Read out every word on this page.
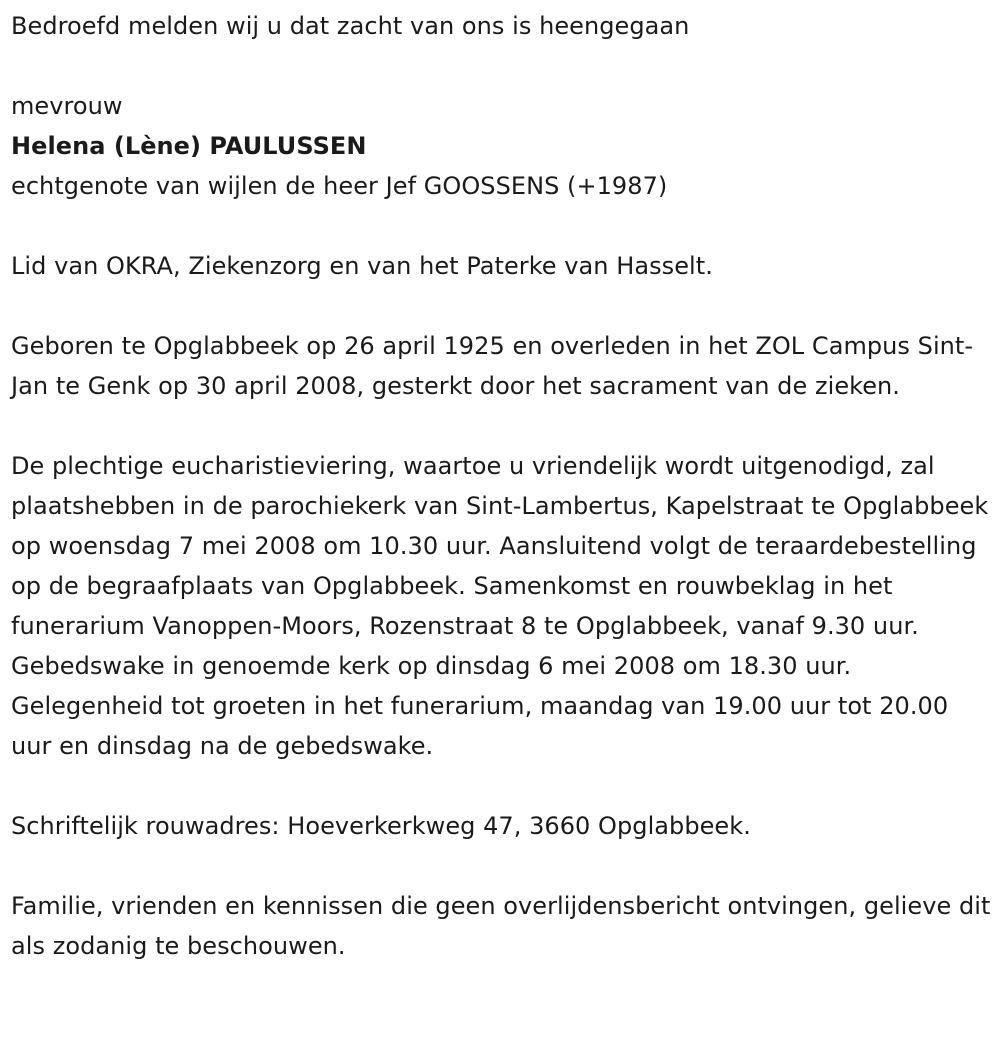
Bedroefd melden wij u dat zacht van ons is heengegaan

mevrouw

Helena (Lène) PAULUSSEN

echtgenote van wijlen de heer Jef GOOSSENS (+1987)

Lid van OKRA, Ziekenzorg en van het Paterke van Hasselt.

Geboren te Opglabbeek op 26 april 1925 en overleden in het ZOL Campus Sint-Jan te Genk op 30 april 2008, gesterkt door het sacrament van de zieken.

De plechtige eucharistieviering, waartoe u vriendelijk wordt uitgenodigd, zal plaatshebben in de parochiekerk van Sint-Lambertus, Kapelstraat te Opglabbeek op woensdag 7 mei 2008 om 10.30 uur. Aansluitend volgt de teraardebestelling op de begraafplaats van Opglabbeek. Samenkomst en rouwbeklag in het funerarium Vanoppen-Moors, Rozenstraat 8 te Opglabbeek, vanaf 9.30 uur. Gebedswake in genoemde kerk op dinsdag 6 mei 2008 om 18.30 uur. Gelegenheid tot groeten in het funerarium, maandag van 19.00 uur tot 20.00 uur en dinsdag na de gebedswake.

Schriftelijk rouwadres: Hoeverkerkweg 47, 3660 Opglabbeek.

Familie, vrienden en kennissen die geen overlijdensbericht ontvingen, gelieve dit als zodanig te beschouwen.
